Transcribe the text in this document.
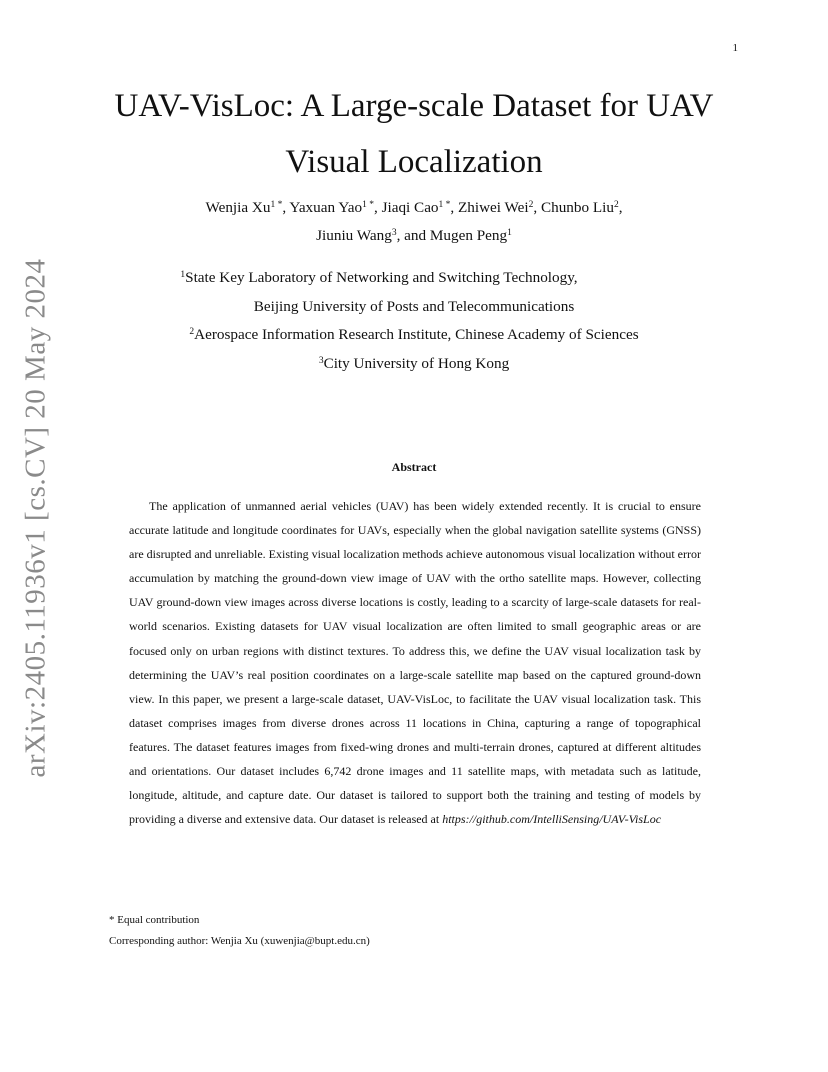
1
arXiv:2405.11936v1 [cs.CV] 20 May 2024
UAV-VisLoc: A Large-scale Dataset for UAV
Visual Localization
Wenjia $Xu^{1 *}$, Yaxuan Yao$^{1 *}$, Jiaqi Cao$^{1 *}$, Zhiwei Wei$^2$, Chunbo Liu$^2$,
Jiuniu Wang$^3$, and Mugen Peng$^1$
$^1$State Key Laboratory of Networking and Switching Technology,
Beijing University of Posts and Telecommunications
$^2$Aerospace Information Research Institute, Chinese Academy of Sciences
$^3$City University of Hong Kong
Abstract

The application of unmanned aerial vehicles (UAV) has been widely extended recently. It is crucial to ensure accurate latitude and longitude coordinates for UAVs, especially when the global navigation satellite systems (GNSS) are disrupted and unreliable. Existing visual localization methods achieve autonomous visual localization without error accumulation by matching the ground-down view image of UAV with the ortho satellite maps. However, collecting UAV ground-down view images across diverse locations is costly, leading to a scarcity of large-scale datasets for real-world scenarios. Existing datasets for UAV visual localization are often limited to small geographic areas or are focused only on urban regions with distinct textures. To address this, we define the UAV visual localization task by determining the UAV’s real position coordinates on a large-scale satellite map based on the captured ground-down view. In this paper, we present a large-scale dataset, UAV-VisLoc, to facilitate the UAV visual localization task. This dataset comprises images from diverse drones across 11 locations in China, capturing a range of topographical features. The dataset features images from fixed-wing drones and multi-terrain drones, captured at different altitudes and orientations. Our dataset includes 6,742 drone images and 11 satellite maps, with metadata such as latitude, longitude, altitude, and capture date. Our dataset is tailored to support both the training and testing of models by providing a diverse and extensive data. Our dataset is released at https://github.com/IntelliSensing/UAV-VisLoc

* Equal contribution
Corresponding author: Wenjia Xu (xuwenjia@bupt.edu.cn)
